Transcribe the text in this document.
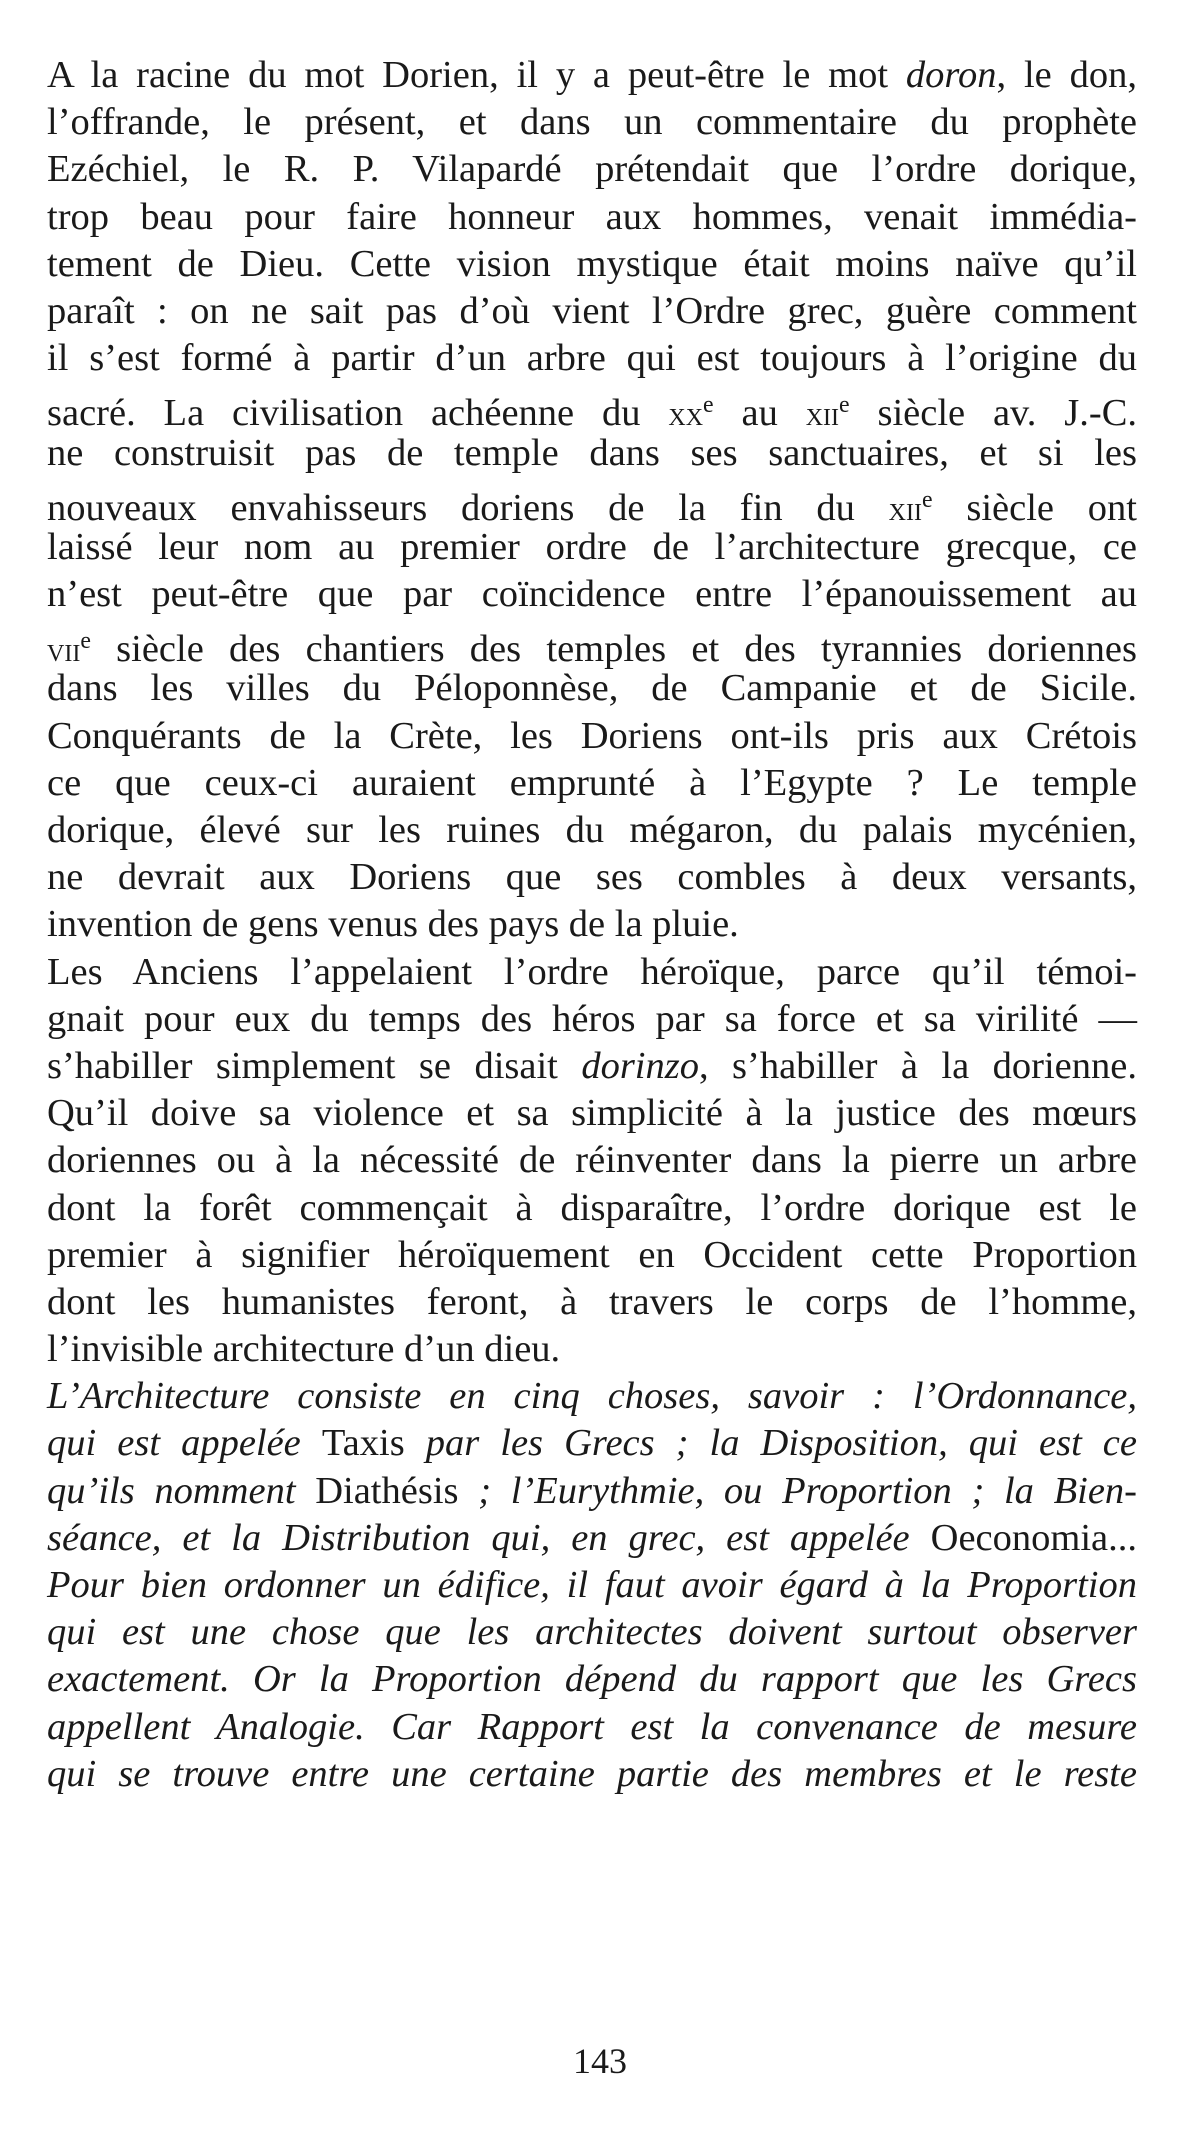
A la racine du mot Dorien, il y a peut-être le mot doron, le don,
l’offrande, le présent, et dans un commentaire du prophète
Ezéchiel, le R. P. Vilapardé prétendait que l’ordre dorique,
trop beau pour faire honneur aux hommes, venait immédia-
tement de Dieu. Cette vision mystique était moins naïve qu’il
paraît : on ne sait pas d’où vient l’Ordre grec, guère comment
il s’est formé à partir d’un arbre qui est toujours à l’origine du
sacré. La civilisation achéenne du $xx^e$ au xii$^e$ siècle av. J.-C.
ne construisit pas de temple dans ses sanctuaires, et si les
nouveaux envahisseurs doriens de la fin du xii$^e$ siècle ont
laissé leur nom au premier ordre de l’architecture grecque, ce
n’est peut-être que par coïncidence entre l’épanouissement au
vii$^e$ siècle des chantiers des temples et des tyrannies doriennes
dans les villes du Péloponnèse, de Campanie et de Sicile.
Conquérants de la Crète, les Doriens ont-ils pris aux Crétois
ce que ceux-ci auraient emprunté à l’Egypte ? Le temple
dorique, élevé sur les ruines du mégaron, du palais mycénien,
ne devrait aux Doriens que ses combles à deux versants,
invention de gens venus des pays de la pluie.
Les Anciens l’appelaient l’ordre héroïque, parce qu’il témoi-
gnait pour eux du temps des héros par sa force et sa virilité —
s’habiller simplement se disait dorinzo, s’habiller à la dorienne.
Qu’il doive sa violence et sa simplicité à la justice des mœurs
doriennes ou à la nécessité de réinventer dans la pierre un arbre
dont la forêt commençait à disparaître, l’ordre dorique est le
premier à signifier héroïquement en Occident cette Proportion
dont les humanistes feront, à travers le corps de l’homme,
l’invisible architecture d’un dieu.
L’Architecture consiste en cinq choses, savoir : l’Ordonnance,
qui est appelée Taxis par les Grecs ; la Disposition, qui est ce
qu’ils nomment Diathésis ; l’Eurythmie, ou Proportion ; la Bien-
séance, et la Distribution qui, en grec, est appelée Oeconomia...
Pour bien ordonner un édifice, il faut avoir égard à la Proportion
qui est une chose que les architectes doivent surtout observer
exactement. Or la Proportion dépend du rapport que les Grecs
appellent Analogie. Car Rapport est la convenance de mesure
qui se trouve entre une certaine partie des membres et le reste
143
